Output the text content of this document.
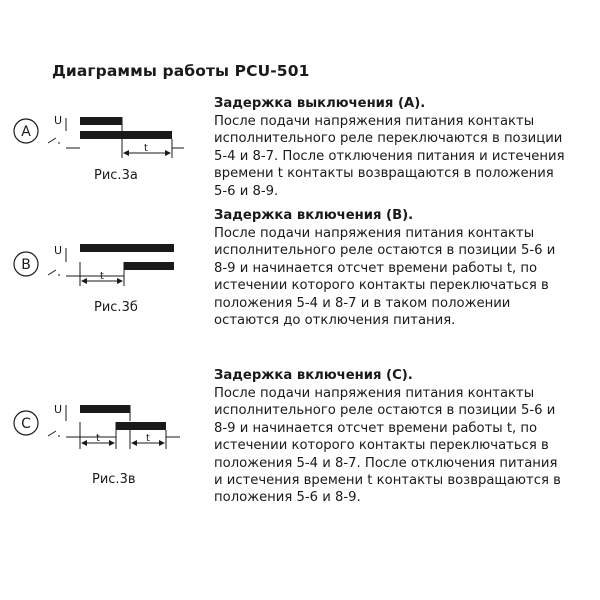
Диаграммы работы PCU-501
A
U
t
B
U
t
C
U
t	t
Рис.3а
Рис.3б
Рис.3в
Задержка выключения (А).
После подачи напряжения питания контакты
исполнительного реле переключаются в позиции
5-4 и 8-7. После отключения питания и истечения
времени t контакты возвращаются в положения
5-6 и 8-9.
Задержка включения (В).
После подачи напряжения питания контакты
исполнительного реле остаются в позиции 5-6 и
8-9 и начинается отсчет времени работы t, по
истечении которого контакты переключаться в
положения 5-4 и 8-7 и в таком положении
остаются до отключения питания.
Задержка включения (С).
После подачи напряжения питания контакты
исполнительного реле остаются в позиции 5-6 и
8-9 и начинается отсчет времени работы t, по
истечении которого контакты переключаться в
положения 5-4 и 8-7. После отключения питания
и истечения времени t контакты возвращаются в
положения 5-6 и 8-9.
